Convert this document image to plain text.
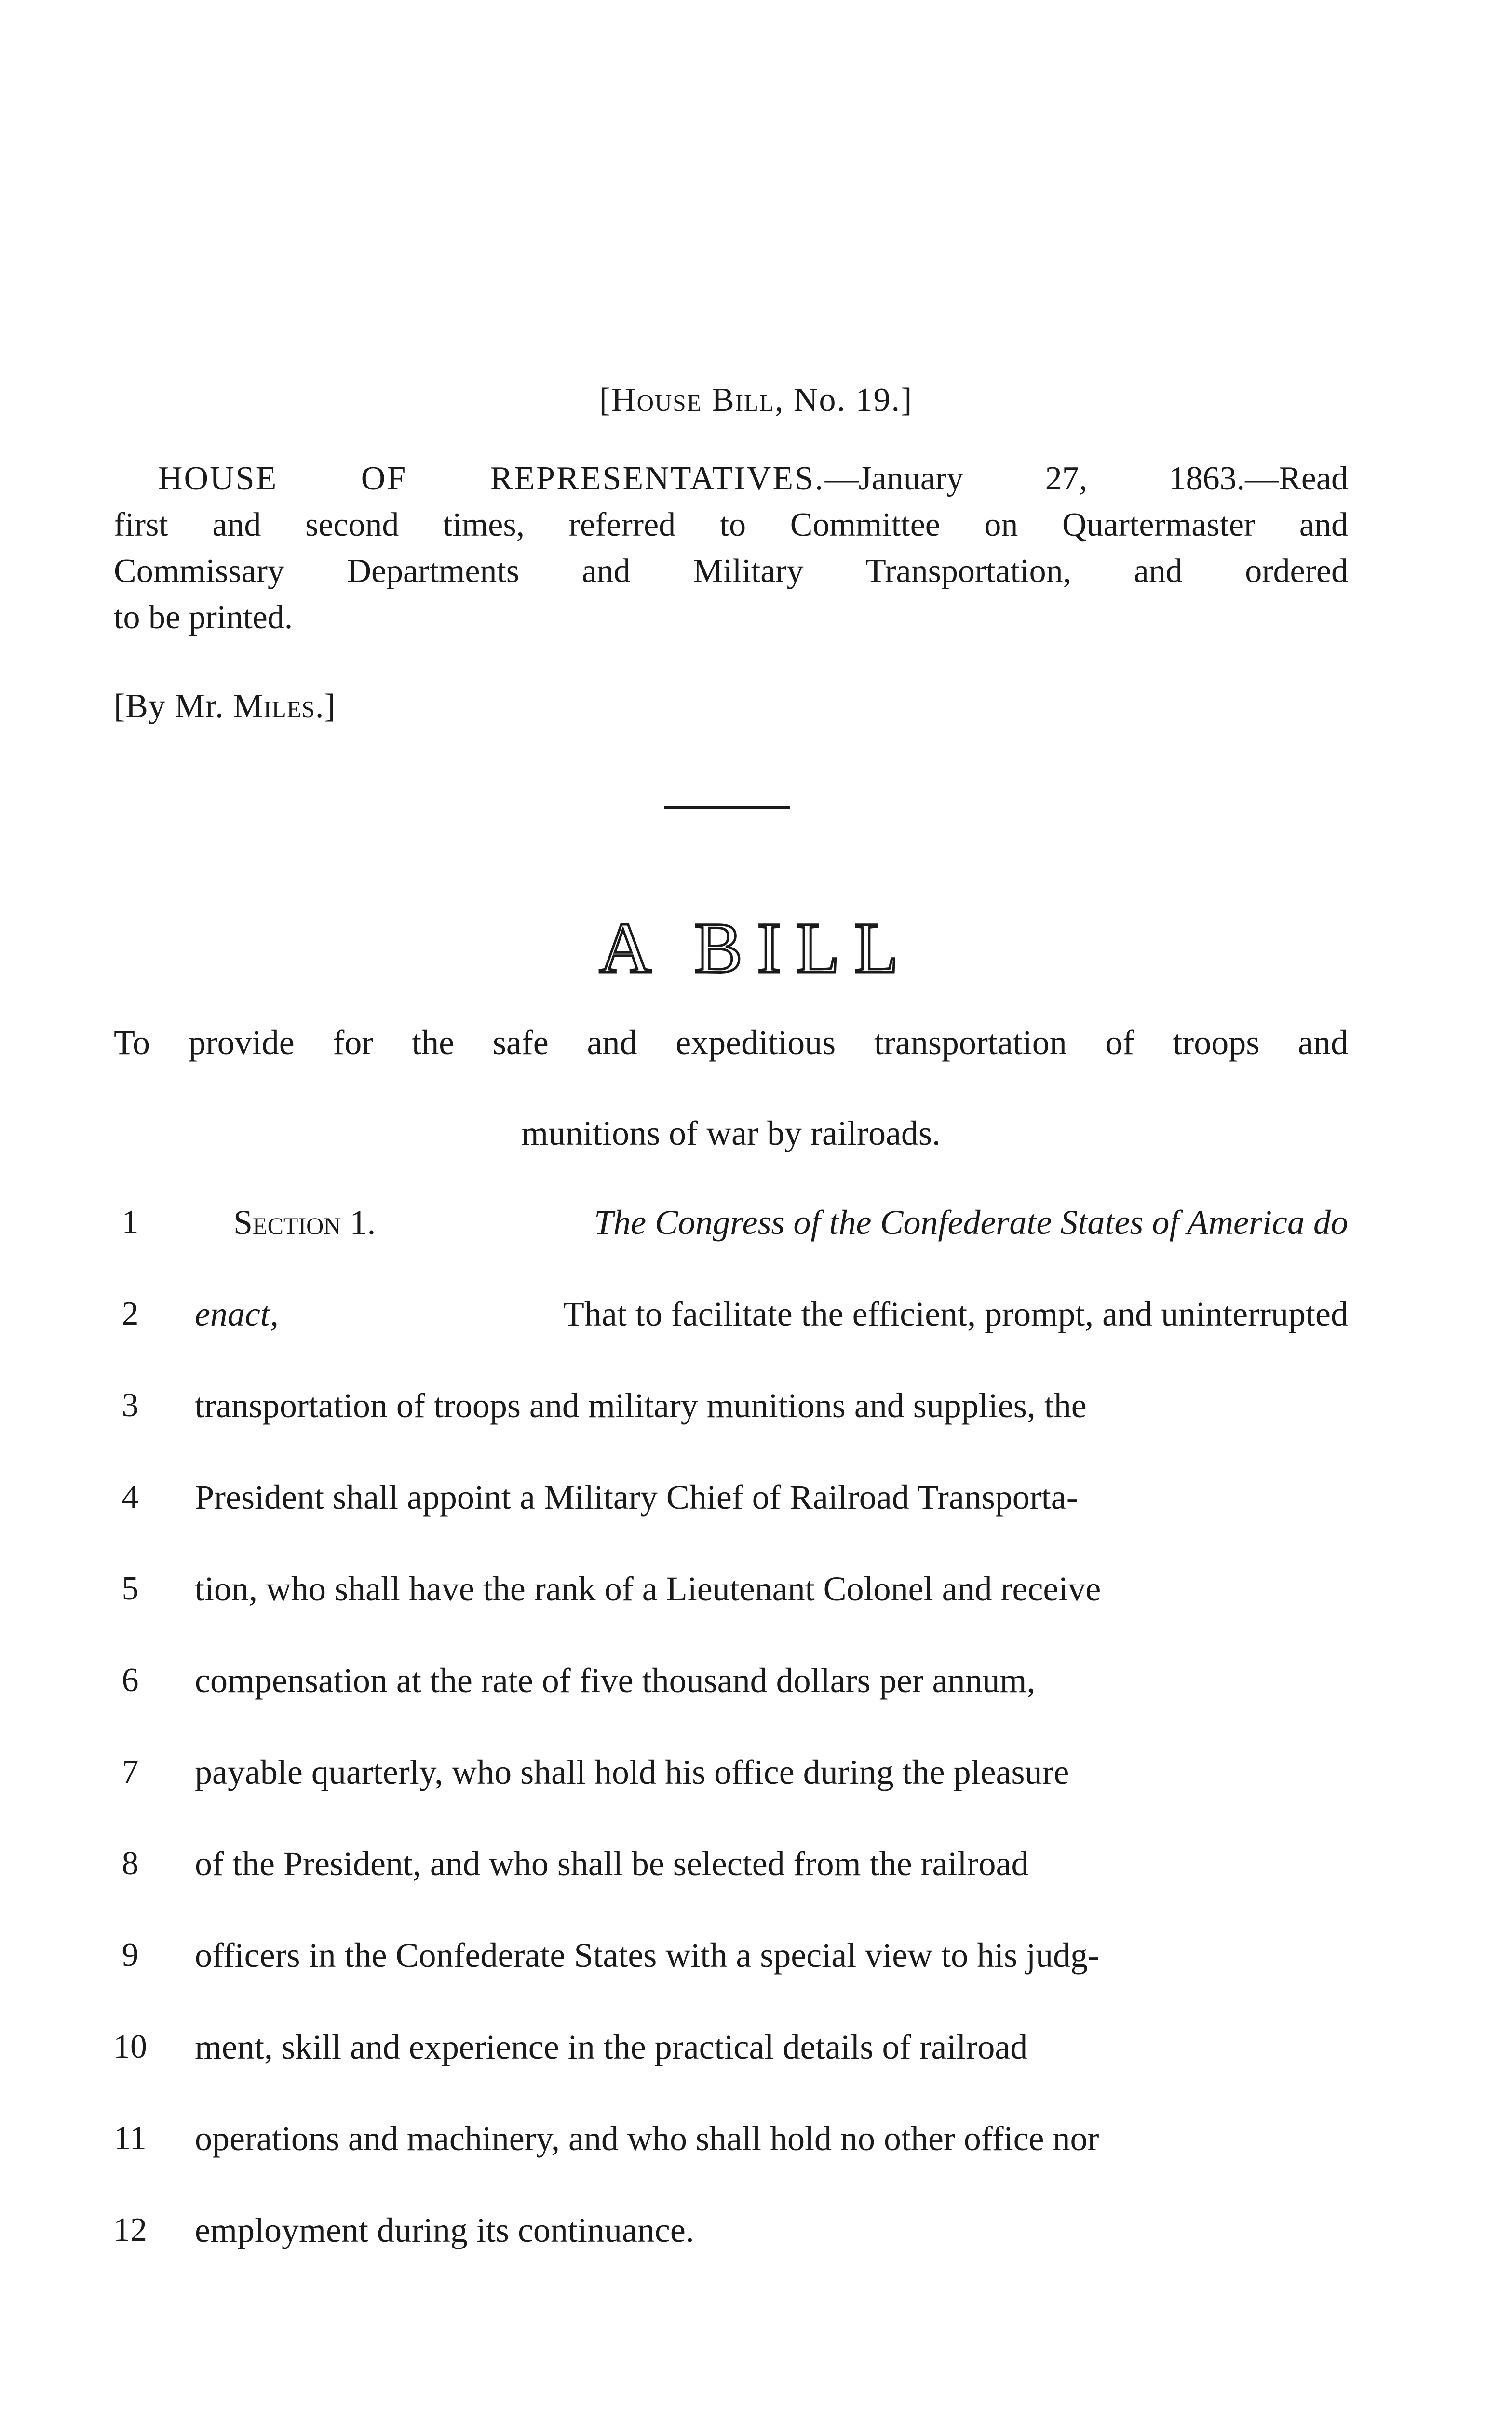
[House Bill, No. 19.]
HOUSE OF REPRESENTATIVES.—January 27, 1863.—Read
first and second times, referred to Committee on Quartermaster and
Commissary Departments and Military Transportation, and ordered
to be printed.
[By Mr. Miles.]
A BILL
To provide for the safe and expeditious transportation of troops and
munitions of war by railroads.
1	Section 1.	The Congress of the Confederate States of America do
2	enact,	That to facilitate the efficient, prompt, and uninterrupted
3	transportation of troops and military munitions and supplies, the
4	President shall appoint a Military Chief of Railroad Transporta-
5	tion, who shall have the rank of a Lieutenant Colonel and receive
6	compensation at the rate of five thousand dollars per annum,
7	payable quarterly, who shall hold his office during the pleasure
8	of the President, and who shall be selected from the railroad
9	officers in the Confederate States with a special view to his judg-
10	ment, skill and experience in the practical details of railroad
11	operations and machinery, and who shall hold no other office nor
12	employment during its continuance.
